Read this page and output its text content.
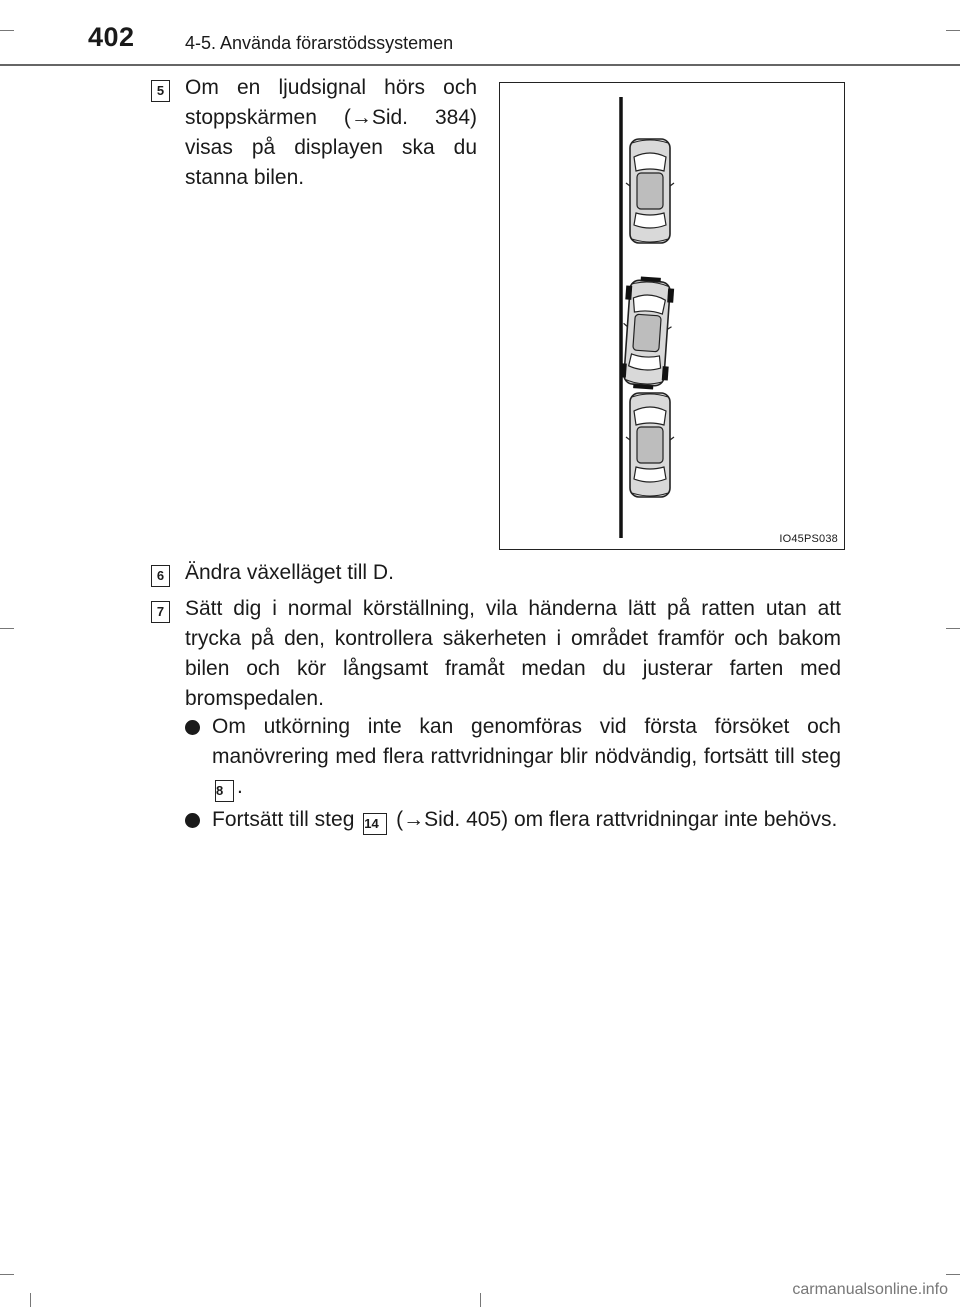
402	4-5. Använda förarstödssystemen
5 Om en ljudsignal hörs och stoppskärmen (→Sid. 384) visas på displayen ska du stanna bilen.
IO45PS038
6 Ändra växelläget till D.
7 Sätt dig i normal körställning, vila händerna lätt på ratten utan att trycka på den, kontrollera säkerheten i området framför och bakom bilen och kör långsamt framåt medan du justerar farten med bromspedalen.
Om utkörning inte kan genomföras vid första försöket och manövrering med flera rattvridningar blir nödvändig, fortsätt till steg 8 .
Fortsätt till steg 14 (→Sid. 405) om flera rattvridningar inte behövs.
carmanualsonline.info
